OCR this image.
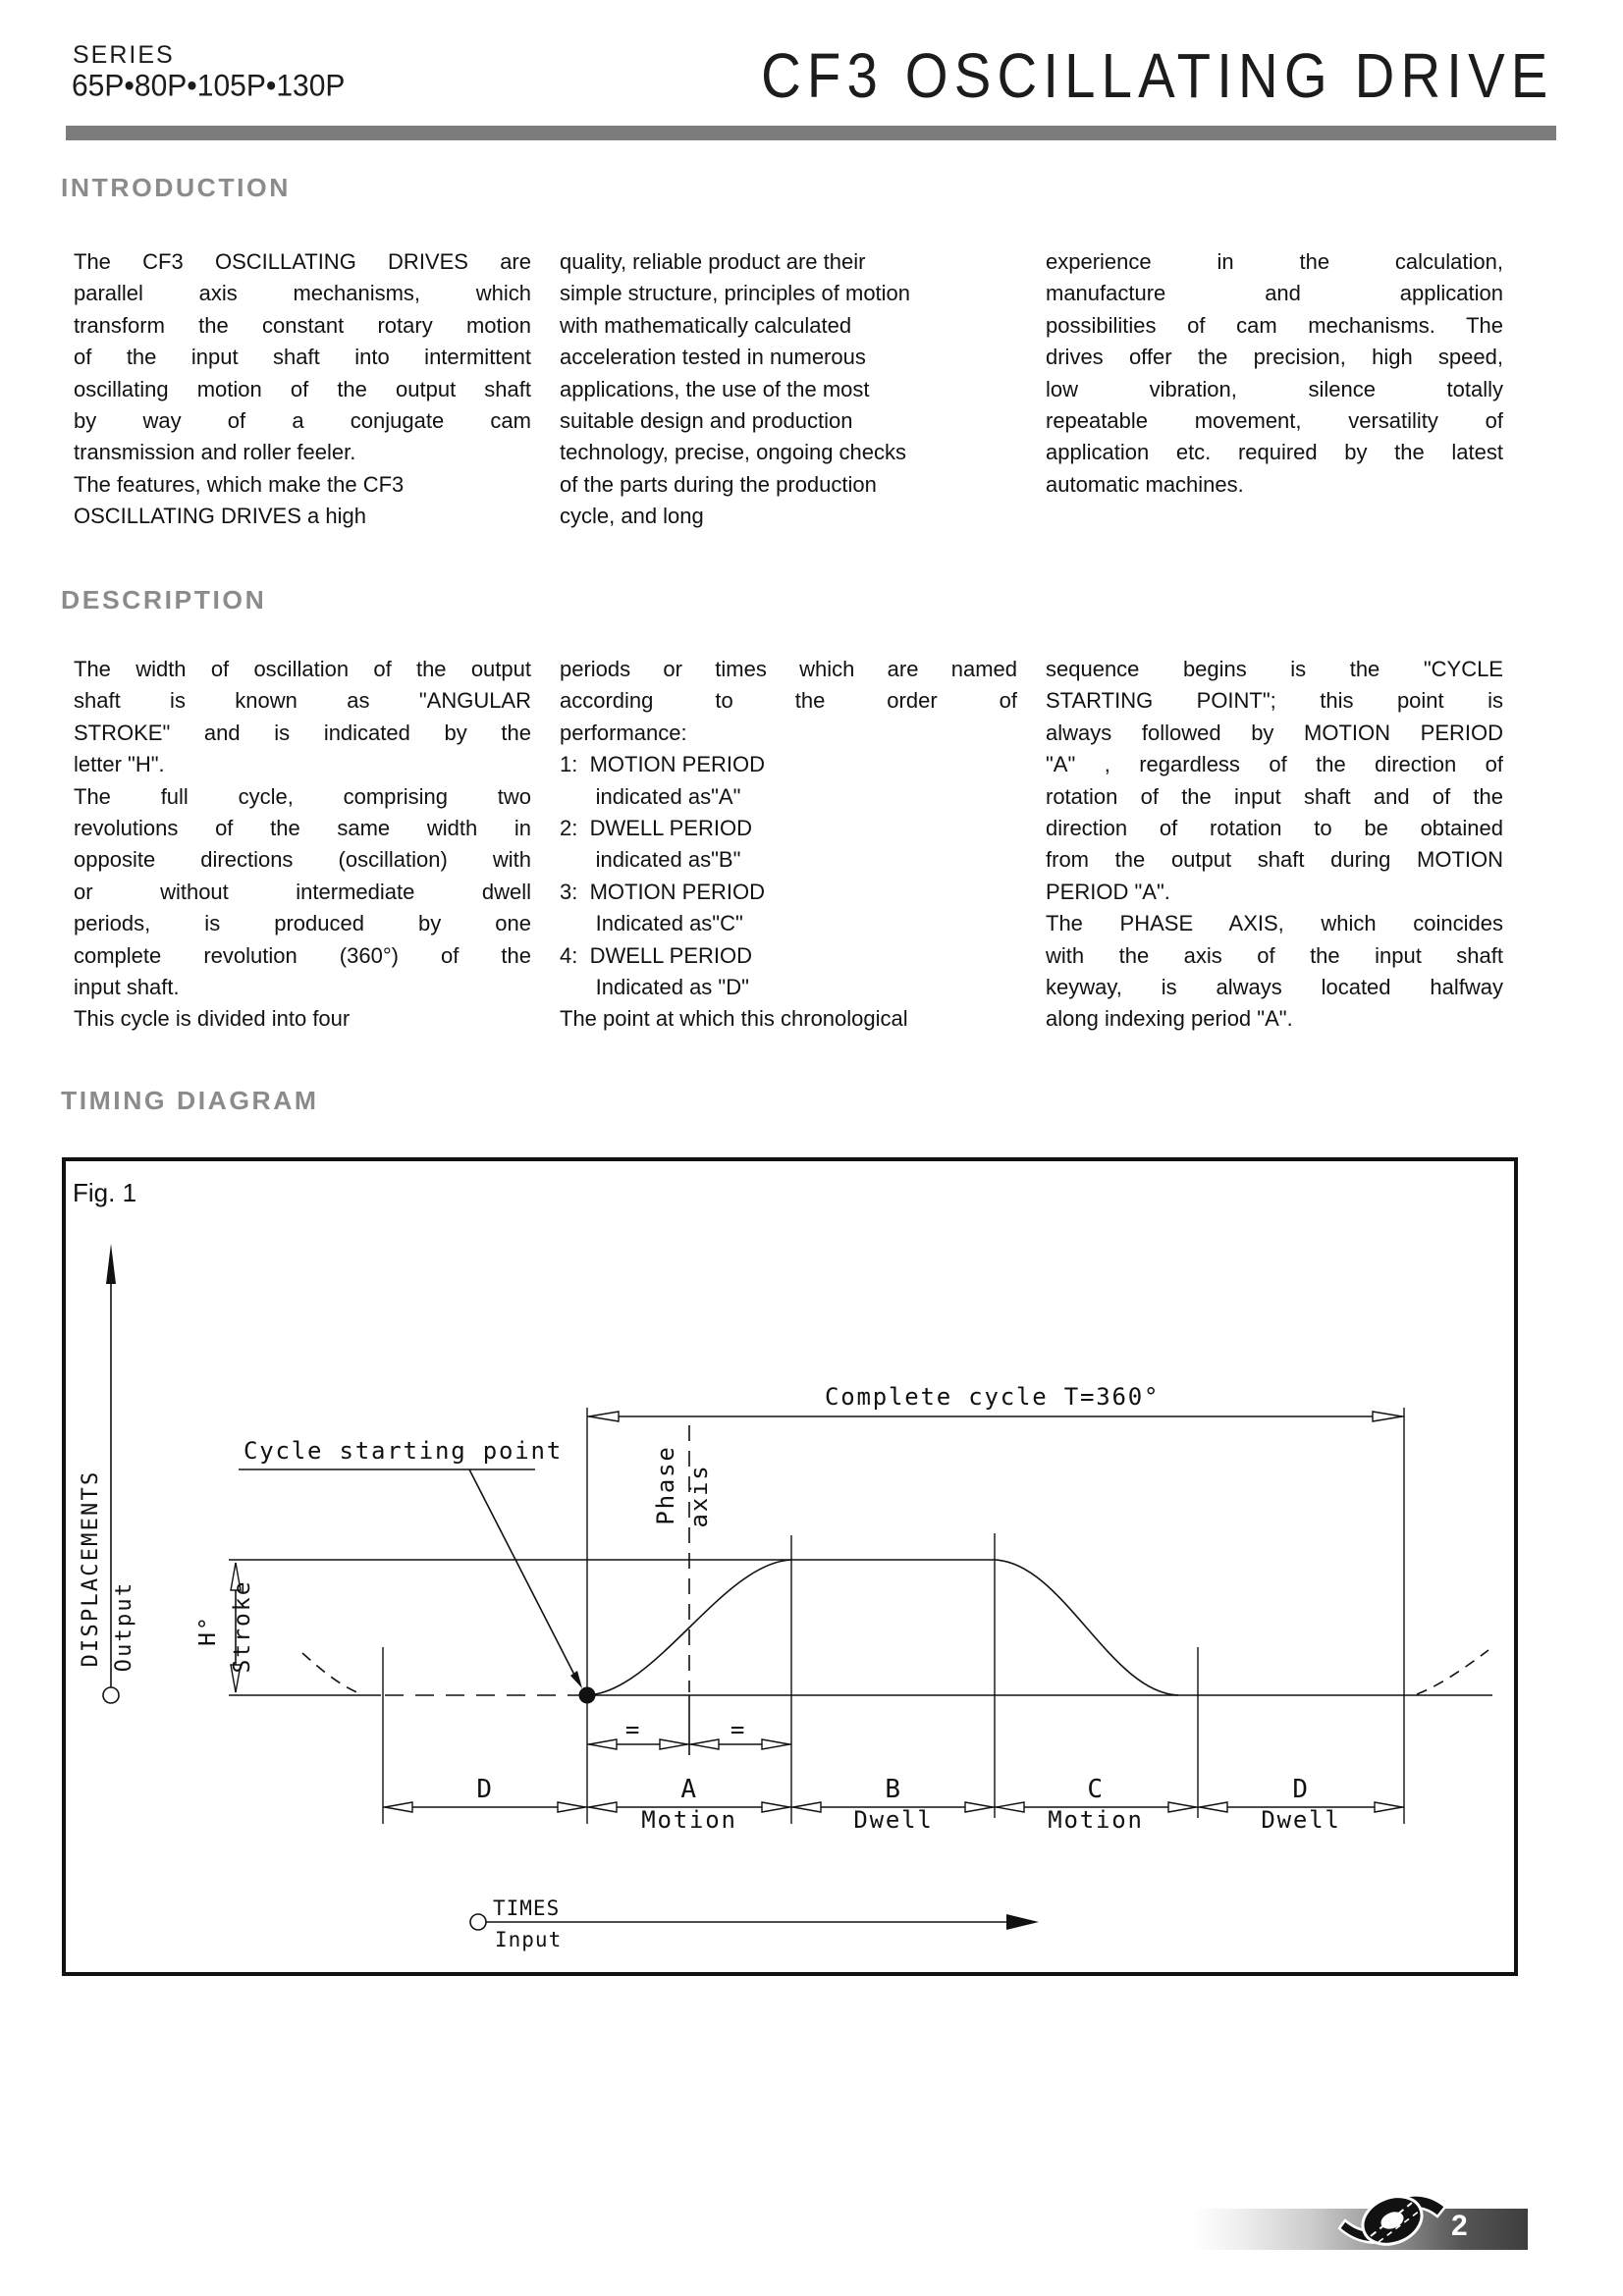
SERIES
65P•80P•105P•130P	CF3 OSCILLATING DRIVE
INTRODUCTION
The CF3 OSCILLATING DRIVES are
parallel axis mechanisms, which
transform the constant rotary motion
of the input shaft into intermittent
oscillating motion of the output shaft
by way of a conjugate cam
transmission and roller feeler.
The features, which make the CF3
OSCILLATING DRIVES a high
quality, reliable product are their
simple structure, principles of motion
with mathematically calculated
acceleration tested in numerous
applications, the use of the most
suitable design and production
technology, precise, ongoing checks
of the parts during the production
cycle, and long
experience in the calculation,
manufacture and application
possibilities of cam mechanisms. The
drives offer the precision, high speed,
low vibration, silence totally
repeatable movement, versatility of
application etc. required by the latest
automatic machines.
DESCRIPTION
The width of oscillation of the output
shaft is known as "ANGULAR
STROKE" and is indicated by the
letter "H".
The full cycle, comprising two
revolutions of the same width in
opposite directions (oscillation) with
or without intermediate dwell
periods, is produced by one
complete revolution (360°) of the
input shaft.
This cycle is divided into four
periods or times which are named
according to the order of
performance:
1:  MOTION PERIOD
indicated as"A"
2:  DWELL PERIOD
indicated as"B"
3:  MOTION PERIOD
Indicated as"C"
4:  DWELL PERIOD
Indicated as "D"
The point at which this chronological
sequence begins is the "CYCLE
STARTING POINT"; this point is
always followed by MOTION PERIOD
"A" , regardless of the direction of
rotation of the input shaft and of the
direction of rotation to be obtained
from the output shaft during MOTION
PERIOD "A".
The PHASE AXIS, which coincides
with the axis of the input shaft
keyway, is always located halfway
along indexing period "A".
TIMING DIAGRAM
Fig. 1
DISPLACEMENTS Output	H° Stroke
Cycle starting point
Complete cycle T=360°
Phase axis
=	=
D	A	B	C	D
Motion	Dwell	Motion	Dwell
TIMES
Input
2
